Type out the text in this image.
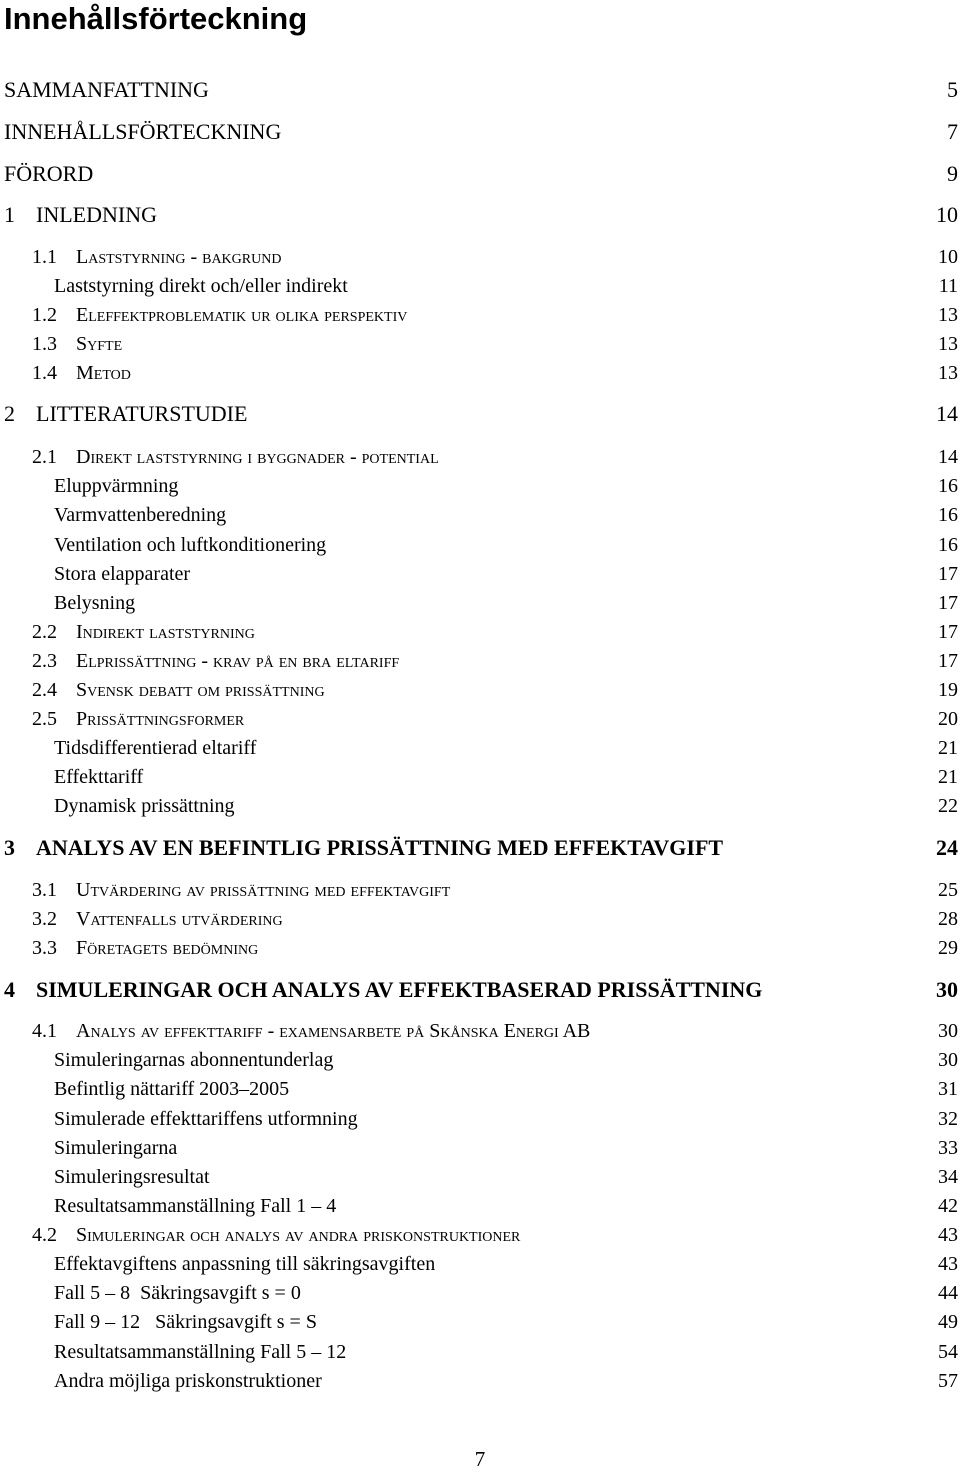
Innehållsförteckning
SAMMANFATTNING	5
INNEHÅLLSFÖRTECKNING	7
FÖRORD	9
1 INLEDNING	10
1.1 Laststyrning - bakgrund	10
Laststyrning direkt och/eller indirekt	11
1.2 Eleffektproblematik ur olika perspektiv	13
1.3 Syfte	13
1.4 Metod	13
2 LITTERATURSTUDIE	14
2.1 Direkt laststyrning i byggnader - potential	14
Eluppvärmning	16
Varmvattenberedning	16
Ventilation och luftkonditionering	16
Stora elapparater	17
Belysning	17
2.2 Indirekt laststyrning	17
2.3 Elprissättning - krav på en bra eltariff	17
2.4 Svensk debatt om prissättning	19
2.5 Prissättningsformer	20
Tidsdifferentierad eltariff	21
Effekttariff	21
Dynamisk prissättning	22
3 ANALYS AV EN BEFINTLIG PRISSÄTTNING MED EFFEKTAVGIFT	24
3.1 Utvärdering av prissättning med effektavgift	25
3.2 Vattenfalls utvärdering	28
3.3 Företagets bedömning	29
4 SIMULERINGAR OCH ANALYS AV EFFEKTBASERAD PRISSÄTTNING	30
4.1 Analys av effekttariff - examensarbete på Skånska Energi AB	30
Simuleringarnas abonnentunderlag	30
Befintlig nättariff 2003–2005	31
Simulerade effekttariffens utformning	32
Simuleringarna	33
Simuleringsresultat	34
Resultatsammanställning Fall 1 – 4	42
4.2 Simuleringar och analys av andra priskonstruktioner	43
Effektavgiftens anpassning till säkringsavgiften	43
Fall 5 – 8  Säkringsavgift s = 0	44
Fall 9 – 12   Säkringsavgift s = S	49
Resultatsammanställning Fall 5 – 12	54
Andra möjliga priskonstruktioner	57
7
